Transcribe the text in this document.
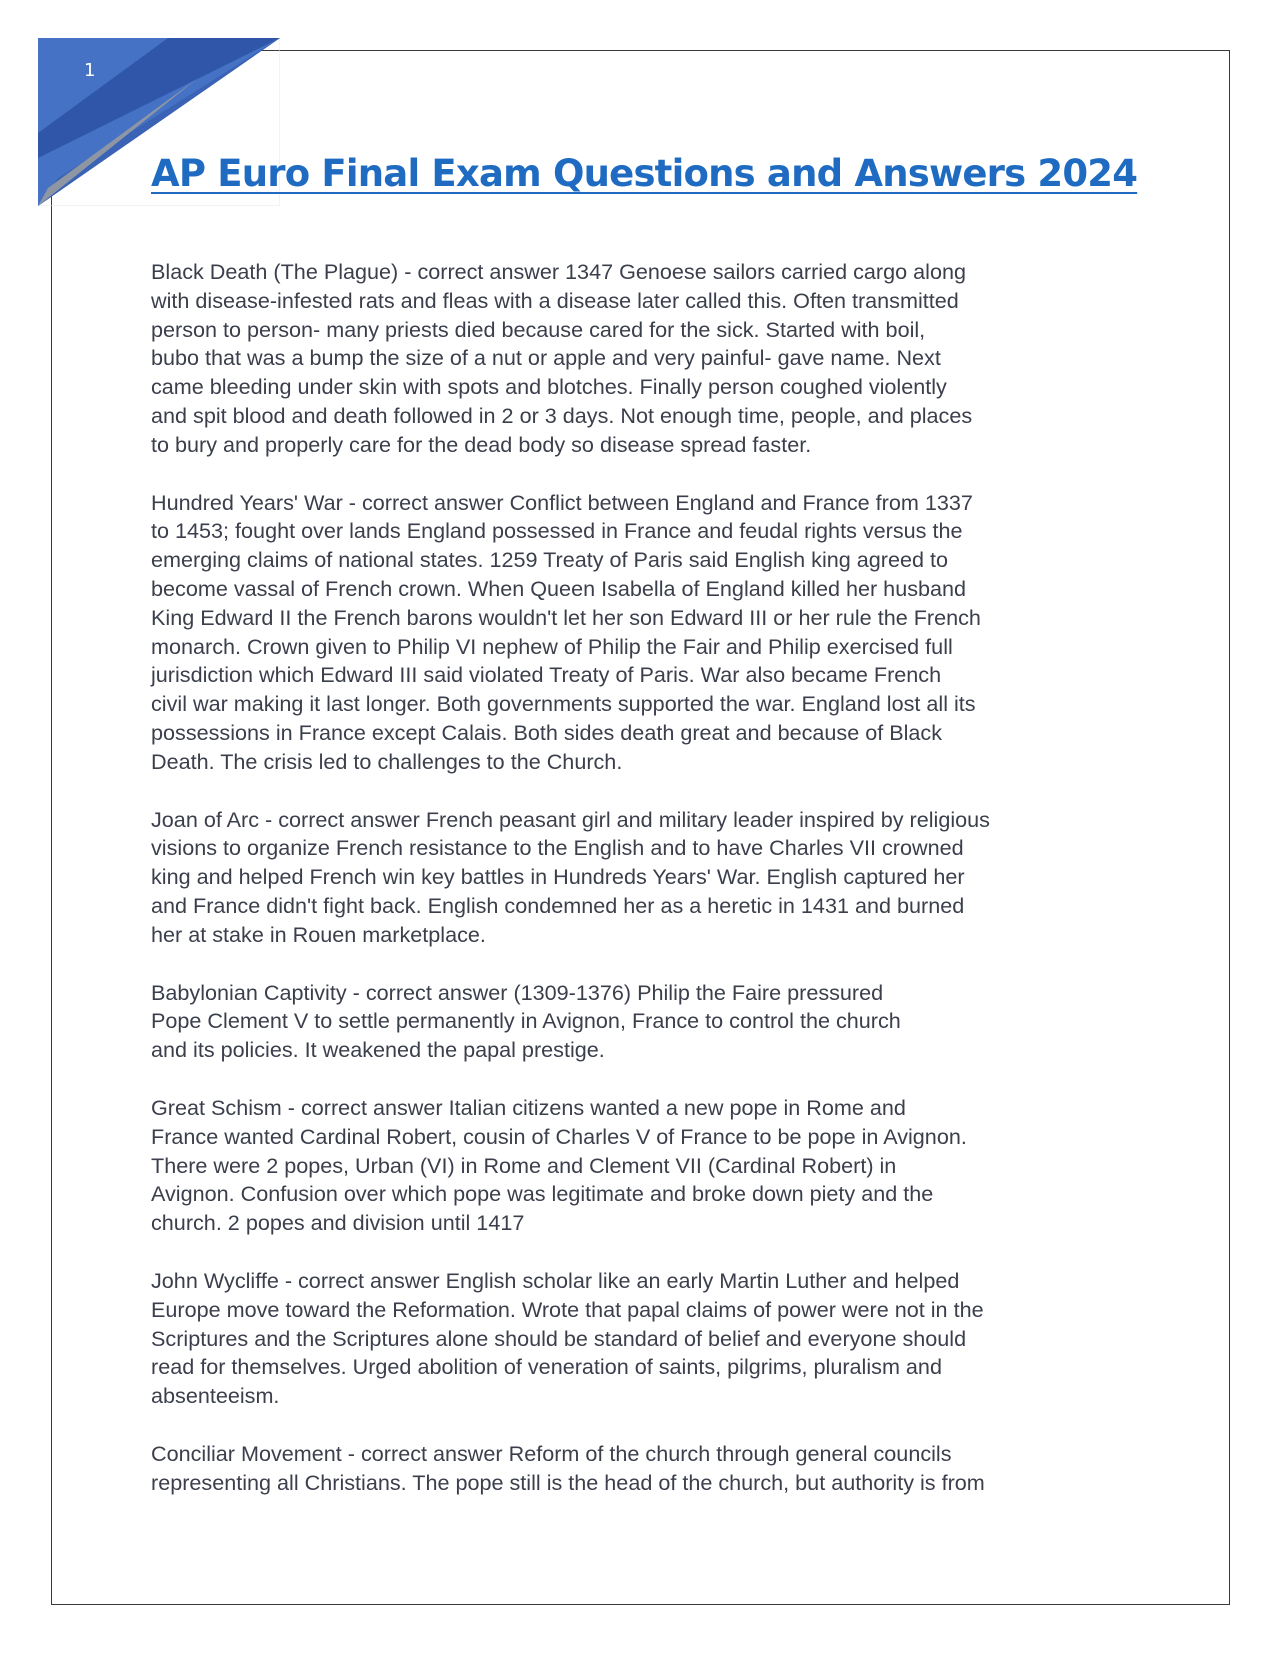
1
AP Euro Final Exam Questions and Answers 2024

Black Death (The Plague) - correct answer 1347 Genoese sailors carried cargo along
with disease-infested rats and fleas with a disease later called this. Often transmitted
person to person- many priests died because cared for the sick. Started with boil,
bubo that was a bump the size of a nut or apple and very painful- gave name. Next
came bleeding under skin with spots and blotches. Finally person coughed violently
and spit blood and death followed in 2 or 3 days. Not enough time, people, and places
to bury and properly care for the dead body so disease spread faster.

Hundred Years' War - correct answer Conflict between England and France from 1337
to 1453; fought over lands England possessed in France and feudal rights versus the
emerging claims of national states. 1259 Treaty of Paris said English king agreed to
become vassal of French crown. When Queen Isabella of England killed her husband
King Edward II the French barons wouldn't let her son Edward III or her rule the French
monarch. Crown given to Philip VI nephew of Philip the Fair and Philip exercised full
jurisdiction which Edward III said violated Treaty of Paris. War also became French
civil war making it last longer. Both governments supported the war. England lost all its
possessions in France except Calais. Both sides death great and because of Black
Death. The crisis led to challenges to the Church.

Joan of Arc - correct answer French peasant girl and military leader inspired by religious
visions to organize French resistance to the English and to have Charles VII crowned
king and helped French win key battles in Hundreds Years' War. English captured her
and France didn't fight back. English condemned her as a heretic in 1431 and burned
her at stake in Rouen marketplace.

Babylonian Captivity - correct answer (1309-1376) Philip the Faire pressured
Pope Clement V to settle permanently in Avignon, France to control the church
and its policies. It weakened the papal prestige.

Great Schism - correct answer Italian citizens wanted a new pope in Rome and
France wanted Cardinal Robert, cousin of Charles V of France to be pope in Avignon.
There were 2 popes, Urban (VI) in Rome and Clement VII (Cardinal Robert) in
Avignon. Confusion over which pope was legitimate and broke down piety and the
church. 2 popes and division until 1417

John Wycliffe - correct answer English scholar like an early Martin Luther and helped
Europe move toward the Reformation. Wrote that papal claims of power were not in the
Scriptures and the Scriptures alone should be standard of belief and everyone should
read for themselves. Urged abolition of veneration of saints, pilgrims, pluralism and
absenteeism.

Conciliar Movement - correct answer Reform of the church through general councils
representing all Christians. The pope still is the head of the church, but authority is from
